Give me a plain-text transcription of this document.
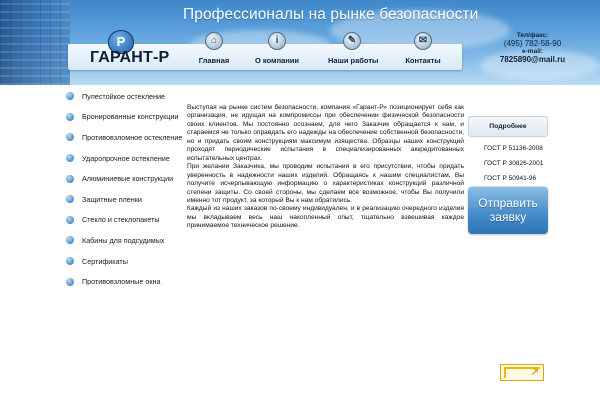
Профессионалы на рынке безопасности
Р
ГАРАНТ-Р
⌂
Главная
i
О компании
✎
Наши работы
✉
Контакты
Тел/факс:
(495) 782-58-90
e-mail:
7825890@mail.ru
Пулестойкое остекление
Бронированные конструкции
Противовзломное остекление
Ударопрочное остекление
Алюминиевые конструкции
Защитные пленки
Стекло и стеклопакеты
Кабины для подсудимых
Сертификаты
Противовзломные окна

Выступая на рынке систем безопасности, компания «Гарант-Р» позиционирует себя как организация, не идущая на компромиссы при обеспечении физической безопасности своих клиентов. Мы постоянно осознаем, для чего Заказчик обращается к нам, и стараемся не только оправдать его надежды на обеспечение собственной безопасности, но и придать своим конструкциям максимум изящества. Образцы наших конструкций проходят периодические испытания в специализированных аккредитованных испытательных центрах.

При желании Заказчика, мы проводим испытания в его присутствии, чтобы придать уверенность в надежности наших изделий. Обращаясь к нашим специалистам, Вы получите исчерпывающую информацию о характеристиках конструкций различной степени защиты. Со своей стороны, мы сделаем все возможное, чтобы Вы получили именно тот продукт, за который Вы к нам обратились.

Каждый из наших заказов по-своему индивидуален, и в реализацию очередного изделия мы вкладываем весь наш накопленный опыт, тщательно взвешивая каждое принимаемое техническое решение.

Подробнее
ГОСТ Р 51136-2008
ГОСТ Р 30826-2001
ГОСТ Р 50941-96
Отправить
заявку
↗
